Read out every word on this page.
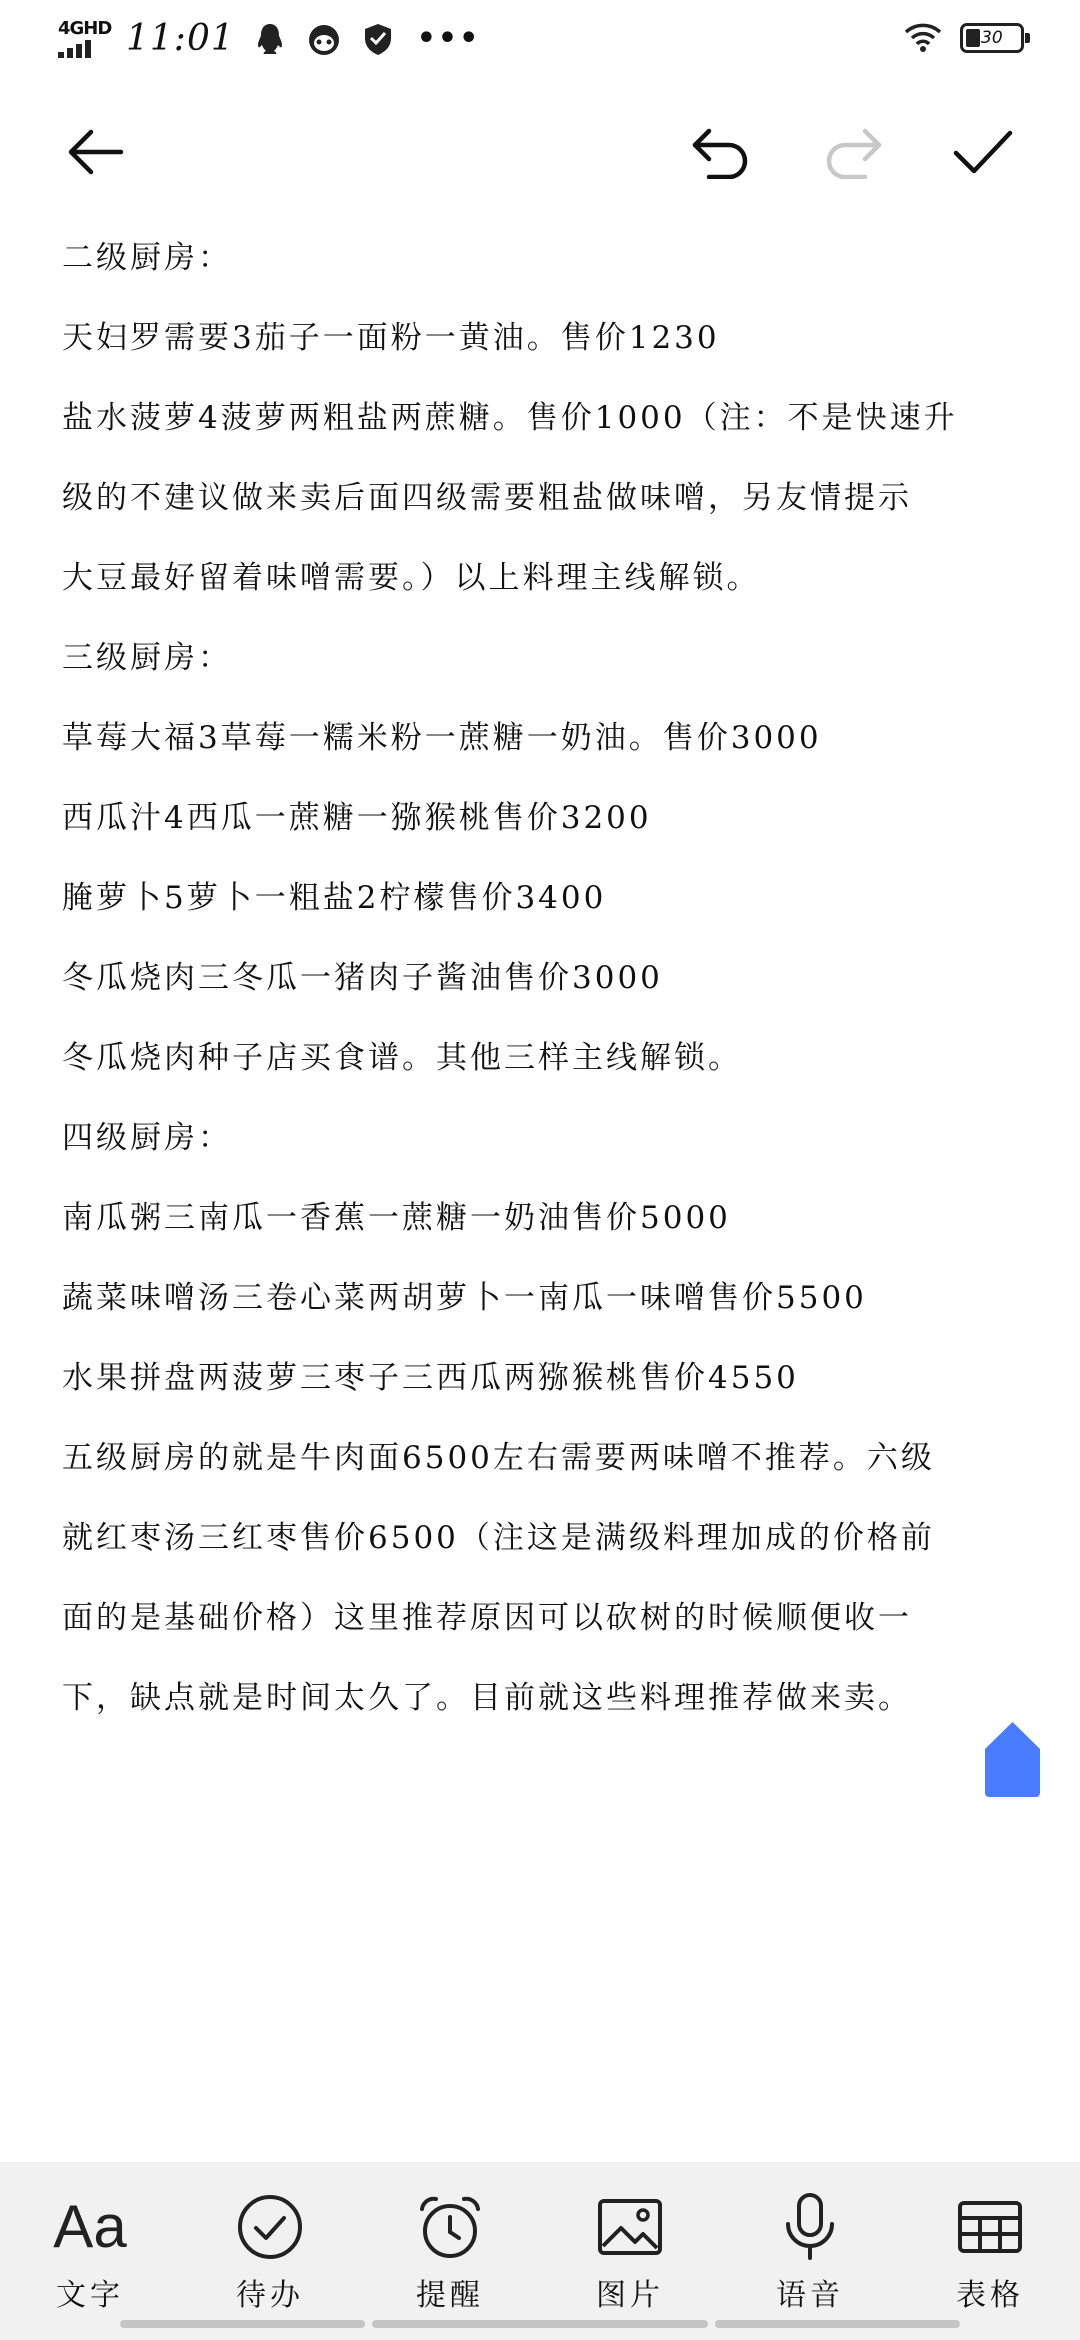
4GHD 11:01	•••	30
二级厨房：
天妇罗需要3茄子一面粉一黄油。售价1230
盐水菠萝4菠萝两粗盐两蔗糖。售价1000（注：不是快速升
级的不建议做来卖后面四级需要粗盐做味噌，另友情提示
大豆最好留着味噌需要。）以上料理主线解锁。
三级厨房：
草莓大福3草莓一糯米粉一蔗糖一奶油。售价3000
西瓜汁4西瓜一蔗糖一猕猴桃售价3200
腌萝卜5萝卜一粗盐2柠檬售价3400
冬瓜烧肉三冬瓜一猪肉子酱油售价3000
冬瓜烧肉种子店买食谱。其他三样主线解锁。
四级厨房：
南瓜粥三南瓜一香蕉一蔗糖一奶油售价5000
蔬菜味噌汤三卷心菜两胡萝卜一南瓜一味噌售价5500
水果拼盘两菠萝三枣子三西瓜两猕猴桃售价4550
五级厨房的就是牛肉面6500左右需要两味噌不推荐。六级
就红枣汤三红枣售价6500（注这是满级料理加成的价格前
面的是基础价格）这里推荐原因可以砍树的时候顺便收一
下，缺点就是时间太久了。目前就这些料理推荐做来卖。
Aa
文字	待办	提醒	图片	语音	表格
